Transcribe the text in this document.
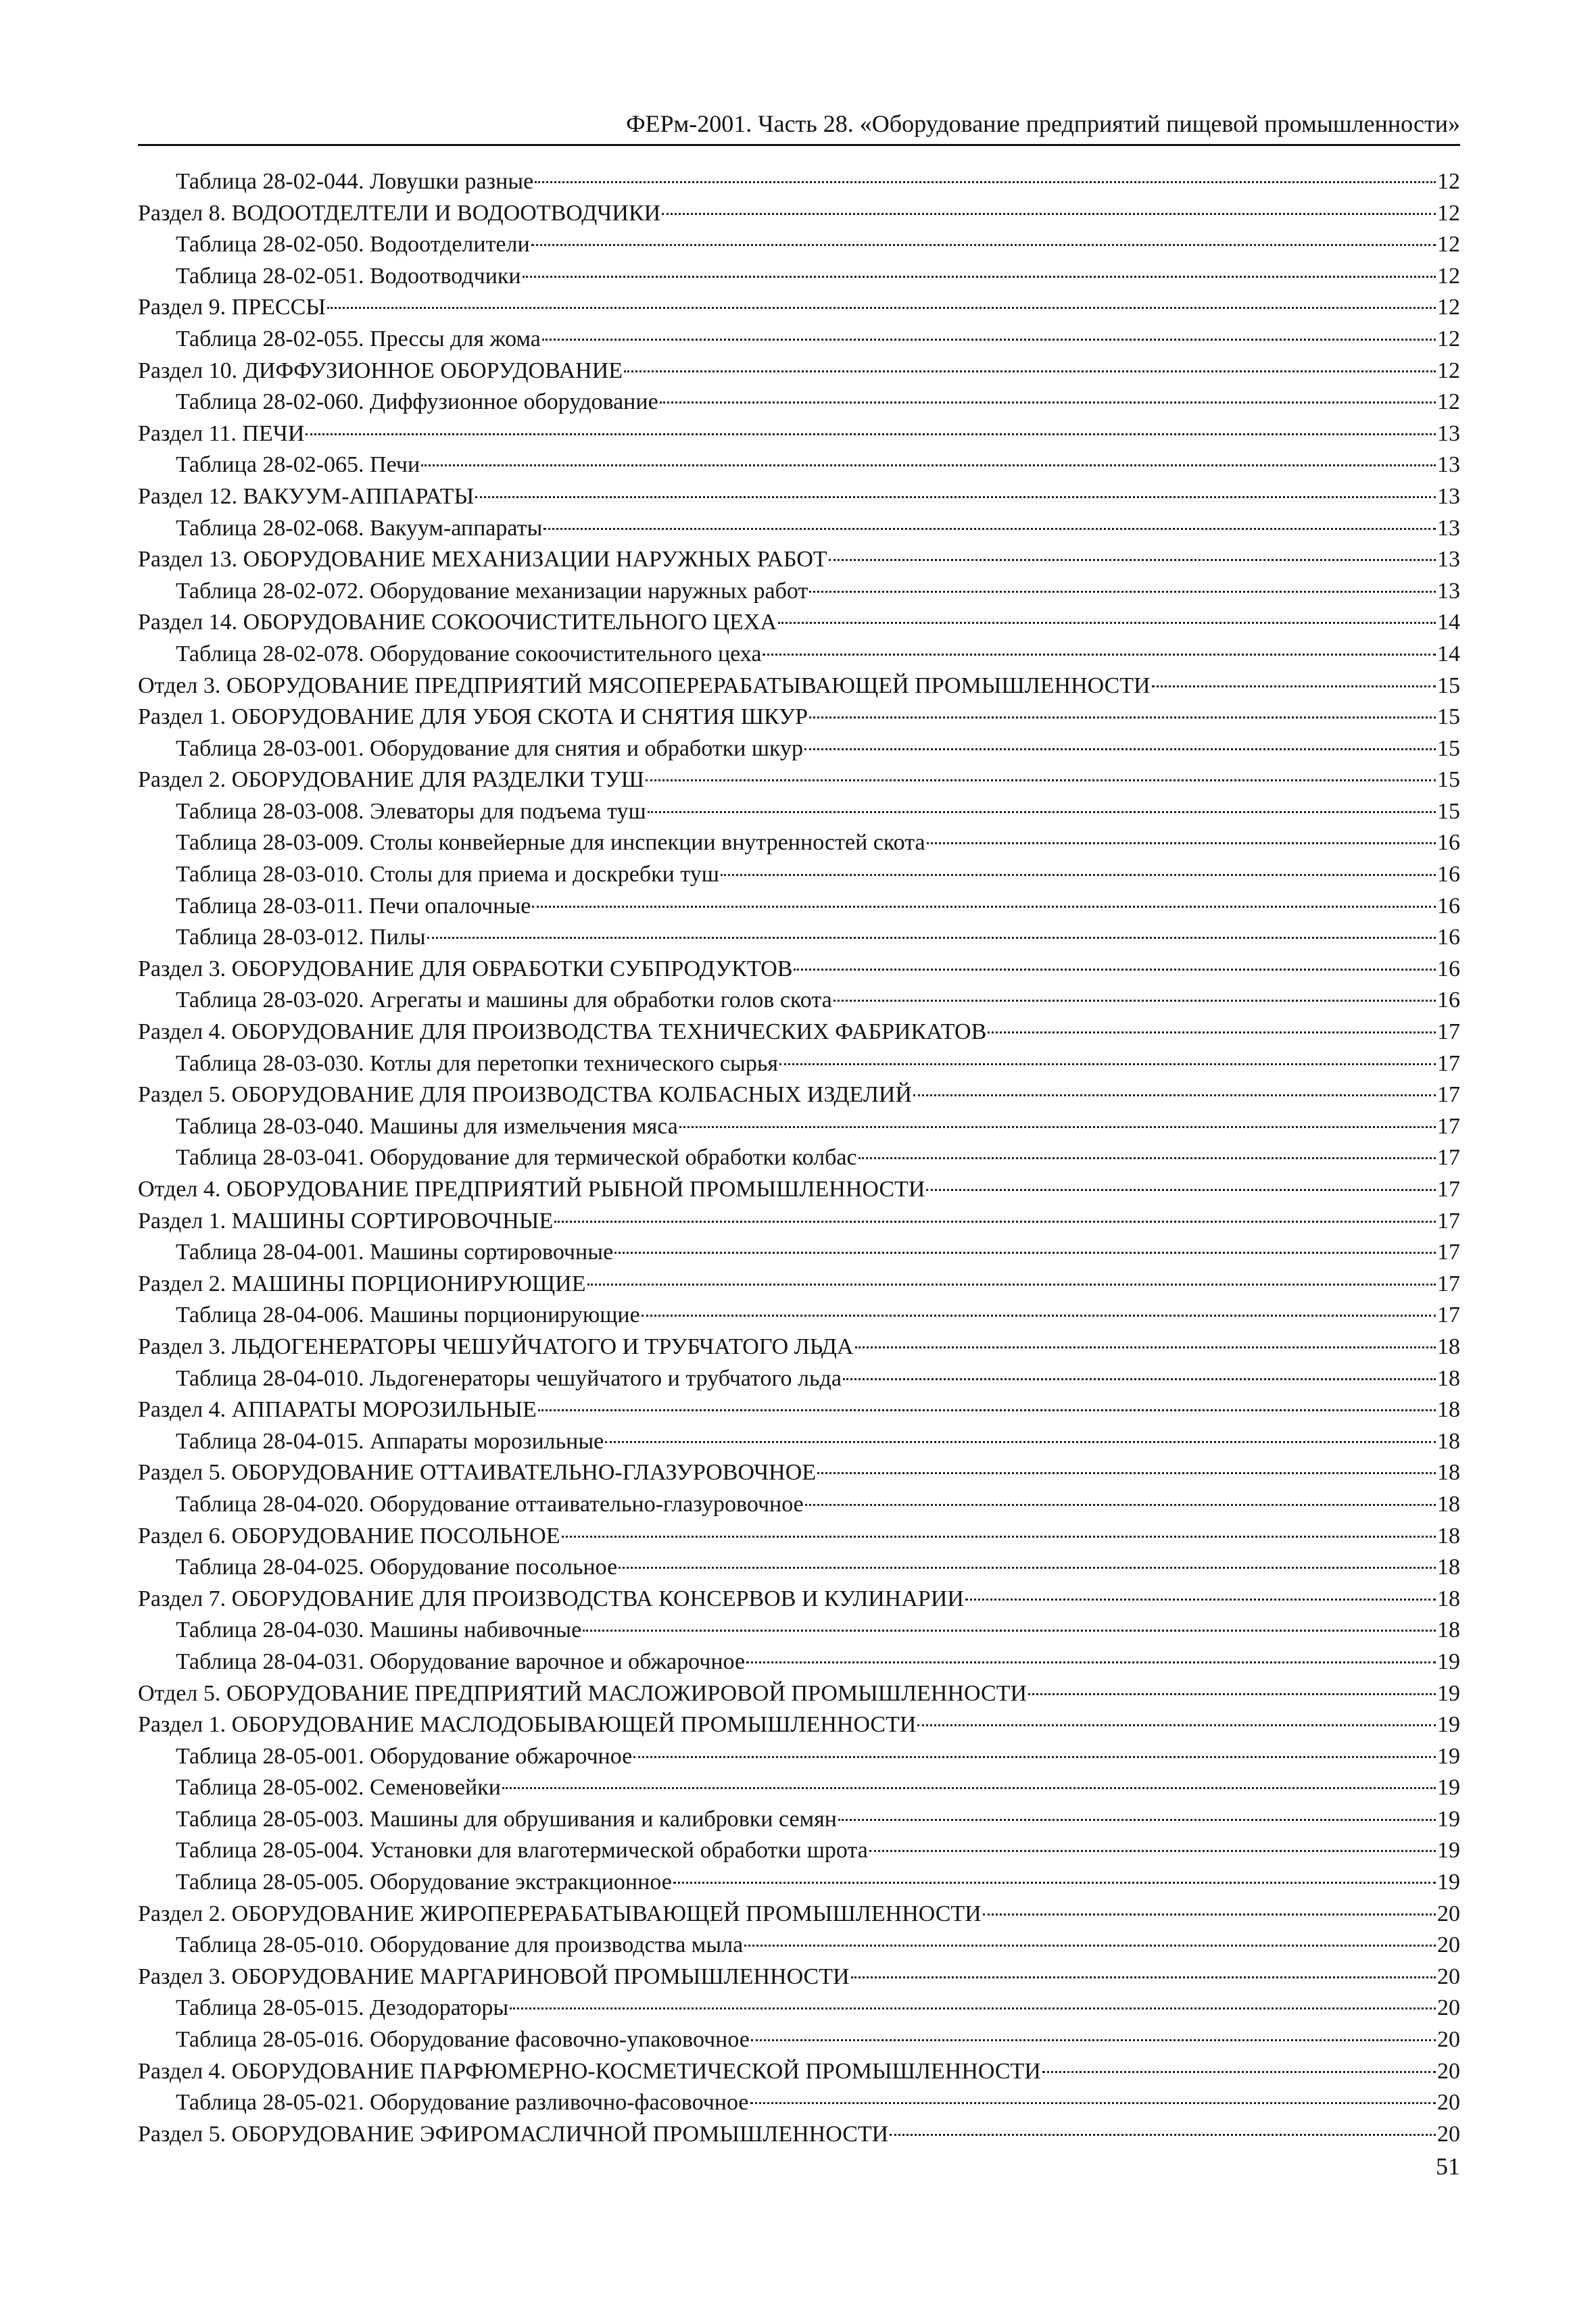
ФЕРм-2001. Часть 28. «Оборудование предприятий пищевой промышленности»
Таблица 28-02-044. Ловушки разные	12
Раздел 8. ВОДООТДЕЛТЕЛИ И ВОДООТВОДЧИКИ	12
Таблица 28-02-050. Водоотделители	12
Таблица 28-02-051. Водоотводчики	12
Раздел 9. ПРЕССЫ	12
Таблица 28-02-055. Прессы для жома	12
Раздел 10. ДИФФУЗИОННОЕ ОБОРУДОВАНИЕ	12
Таблица 28-02-060. Диффузионное оборудование	12
Раздел 11. ПЕЧИ	13
Таблица 28-02-065. Печи	13
Раздел 12. ВАКУУМ-АППАРАТЫ	13
Таблица 28-02-068. Вакуум-аппараты	13
Раздел 13. ОБОРУДОВАНИЕ МЕХАНИЗАЦИИ НАРУЖНЫХ РАБОТ	13
Таблица 28-02-072. Оборудование механизации наружных работ	13
Раздел 14. ОБОРУДОВАНИЕ СОКООЧИСТИТЕЛЬНОГО ЦЕХА	14
Таблица 28-02-078. Оборудование сокоочистительного цеха	14
Отдел 3. ОБОРУДОВАНИЕ ПРЕДПРИЯТИЙ МЯСОПЕРЕРАБАТЫВАЮЩЕЙ ПРОМЫШЛЕННОСТИ	15
Раздел 1. ОБОРУДОВАНИЕ ДЛЯ УБОЯ СКОТА И СНЯТИЯ ШКУР	15
Таблица 28-03-001. Оборудование для снятия и обработки шкур	15
Раздел 2. ОБОРУДОВАНИЕ ДЛЯ РАЗДЕЛКИ ТУШ	15
Таблица 28-03-008. Элеваторы для подъема туш	15
Таблица 28-03-009. Столы конвейерные для инспекции внутренностей скота	16
Таблица 28-03-010. Столы для приема и доскребки туш	16
Таблица 28-03-011. Печи опалочные	16
Таблица 28-03-012. Пилы	16
Раздел 3. ОБОРУДОВАНИЕ ДЛЯ ОБРАБОТКИ СУБПРОДУКТОВ	16
Таблица 28-03-020. Агрегаты и машины для обработки голов скота	16
Раздел 4. ОБОРУДОВАНИЕ ДЛЯ ПРОИЗВОДСТВА ТЕХНИЧЕСКИХ ФАБРИКАТОВ	17
Таблица 28-03-030. Котлы для перетопки технического сырья	17
Раздел 5. ОБОРУДОВАНИЕ ДЛЯ ПРОИЗВОДСТВА КОЛБАСНЫХ ИЗДЕЛИЙ	17
Таблица 28-03-040. Машины для измельчения мяса	17
Таблица 28-03-041. Оборудование для термической обработки колбас	17
Отдел 4. ОБОРУДОВАНИЕ ПРЕДПРИЯТИЙ РЫБНОЙ ПРОМЫШЛЕННОСТИ	17
Раздел 1. МАШИНЫ СОРТИРОВОЧНЫЕ	17
Таблица 28-04-001. Машины сортировочные	17
Раздел 2. МАШИНЫ ПОРЦИОНИРУЮЩИЕ	17
Таблица 28-04-006. Машины порционирующие	17
Раздел 3. ЛЬДОГЕНЕРАТОРЫ ЧЕШУЙЧАТОГО И ТРУБЧАТОГО ЛЬДА	18
Таблица 28-04-010. Льдогенераторы чешуйчатого и трубчатого льда	18
Раздел 4. АППАРАТЫ МОРОЗИЛЬНЫЕ	18
Таблица 28-04-015. Аппараты морозильные	18
Раздел 5. ОБОРУДОВАНИЕ ОТТАИВАТЕЛЬНО-ГЛАЗУРОВОЧНОЕ	18
Таблица 28-04-020. Оборудование оттаивательно-глазуровочное	18
Раздел 6. ОБОРУДОВАНИЕ ПОСОЛЬНОЕ	18
Таблица 28-04-025. Оборудование посольное	18
Раздел 7. ОБОРУДОВАНИЕ ДЛЯ ПРОИЗВОДСТВА КОНСЕРВОВ И КУЛИНАРИИ	18
Таблица 28-04-030. Машины набивочные	18
Таблица 28-04-031. Оборудование варочное и обжарочное	19
Отдел 5. ОБОРУДОВАНИЕ ПРЕДПРИЯТИЙ МАСЛОЖИРОВОЙ ПРОМЫШЛЕННОСТИ	19
Раздел 1. ОБОРУДОВАНИЕ МАСЛОДОБЫВАЮЩЕЙ ПРОМЫШЛЕННОСТИ	19
Таблица 28-05-001. Оборудование обжарочное	19
Таблица 28-05-002. Семеновейки	19
Таблица 28-05-003. Машины для обрушивания и калибровки семян	19
Таблица 28-05-004. Установки для влаготермической обработки шрота	19
Таблица 28-05-005. Оборудование экстракционное	19
Раздел 2. ОБОРУДОВАНИЕ ЖИРОПЕРЕРАБАТЫВАЮЩЕЙ ПРОМЫШЛЕННОСТИ	20
Таблица 28-05-010. Оборудование для производства мыла	20
Раздел 3. ОБОРУДОВАНИЕ МАРГАРИНОВОЙ ПРОМЫШЛЕННОСТИ	20
Таблица 28-05-015. Дезодораторы	20
Таблица 28-05-016. Оборудование фасовочно-упаковочное	20
Раздел 4. ОБОРУДОВАНИЕ ПАРФЮМЕРНО-КОСМЕТИЧЕСКОЙ ПРОМЫШЛЕННОСТИ	20
Таблица 28-05-021. Оборудование разливочно-фасовочное	20
Раздел 5. ОБОРУДОВАНИЕ ЭФИРОМАСЛИЧНОЙ ПРОМЫШЛЕННОСТИ	20
51
